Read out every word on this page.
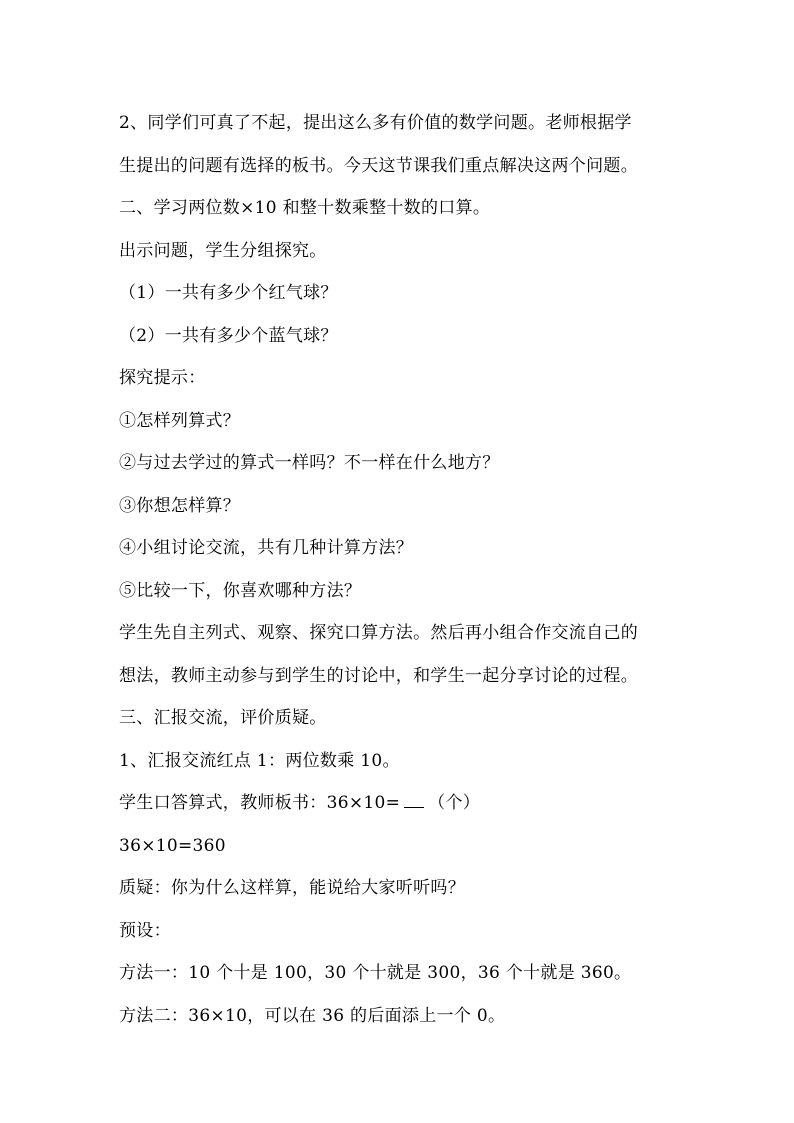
2、同学们可真了不起，提出这么多有价值的数学问题。老师根据学
生提出的问题有选择的板书。今天这节课我们重点解决这两个问题。
二、学习两位数×10 和整十数乘整十数的口算。
出示问题，学生分组探究。
（1）一共有多少个红气球？
（2）一共有多少个蓝气球？
探究提示：
①怎样列算式？
②与过去学过的算式一样吗？不一样在什么地方？
③你想怎样算？
④小组讨论交流，共有几种计算方法？
⑤比较一下，你喜欢哪种方法？
学生先自主列式、观察、探究口算方法。然后再小组合作交流自己的
想法，教师主动参与到学生的讨论中，和学生一起分享讨论的过程。
三、汇报交流，评价质疑。
1、汇报交流红点 1：两位数乘 10。
学生口答算式，教师板书：36×10= （个）
36×10=360
质疑：你为什么这样算，能说给大家听听吗？
预设：
方法一：10 个十是 100，30 个十就是 300，36 个十就是 360。
方法二：36×10，可以在 36 的后面添上一个 0。
